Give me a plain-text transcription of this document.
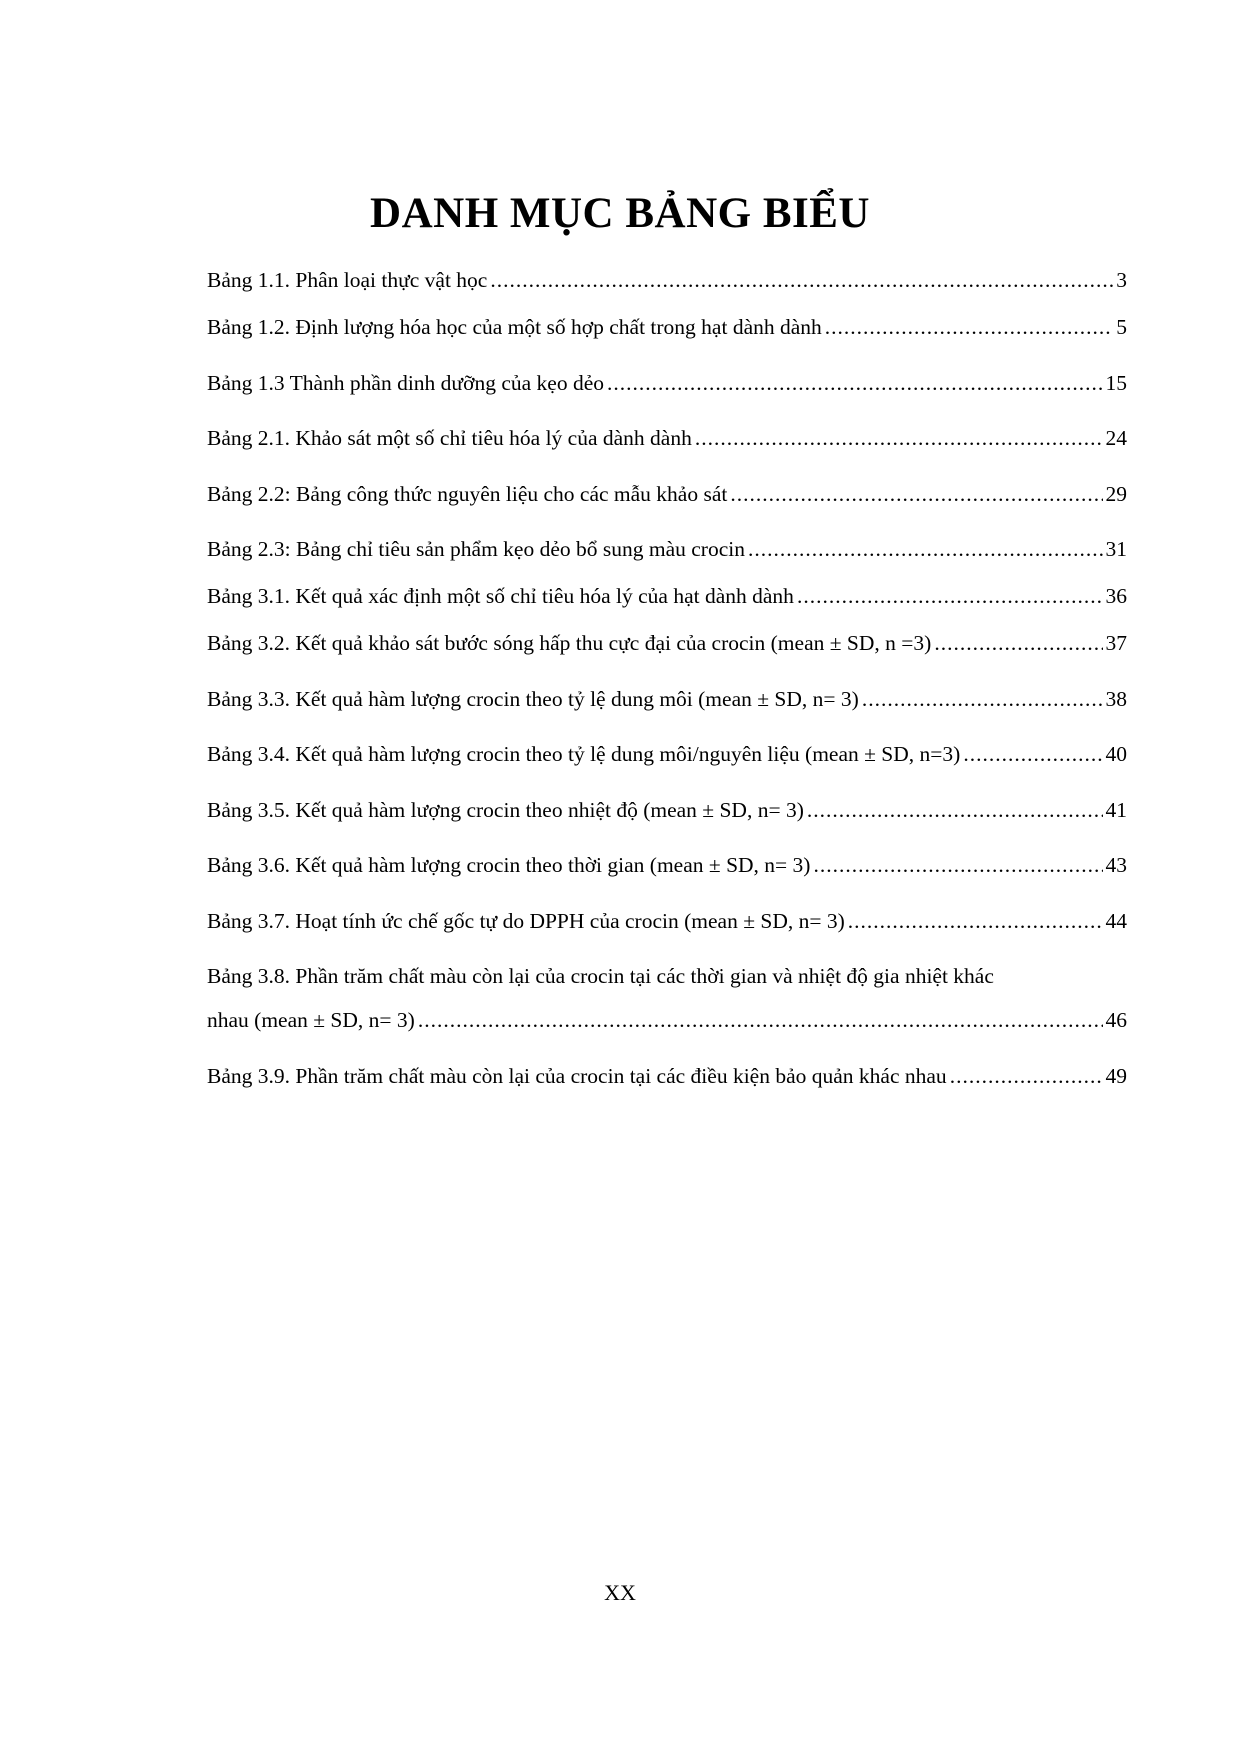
DANH MỤC BẢNG BIỂU
Bảng 1.1. Phân loại thực vật học .....	3
Bảng 1.2. Định lượng hóa học của một số hợp chất trong hạt dành dành .....	5
Bảng 1.3 Thành phần dinh dưỡng của kẹo dẻo .....	15
Bảng 2.1. Khảo sát một số chỉ tiêu hóa lý của dành dành .....	24
Bảng 2.2: Bảng công thức nguyên liệu cho các mẫu khảo sát .....	29
Bảng 2.3: Bảng chỉ tiêu sản phẩm kẹo dẻo bổ sung màu crocin .....	31
Bảng 3.1. Kết quả xác định một số chỉ tiêu hóa lý của hạt dành dành .....	36
Bảng 3.2. Kết quả khảo sát bước sóng hấp thu cực đại của crocin (mean ± SD, n =3) .....	37
Bảng 3.3. Kết quả hàm lượng crocin theo tỷ lệ dung môi (mean ± SD, n= 3) .....	38
Bảng 3.4. Kết quả hàm lượng crocin theo tỷ lệ dung môi/nguyên liệu (mean ± SD, n=3) .....	40
Bảng 3.5. Kết quả hàm lượng crocin theo nhiệt độ (mean ± SD, n= 3) .....	41
Bảng 3.6. Kết quả hàm lượng crocin theo thời gian (mean ± SD, n= 3) .....	43
Bảng 3.7. Hoạt tính ức chế gốc tự do DPPH của crocin (mean ± SD, n= 3) .....	44
Bảng 3.8. Phần trăm chất màu còn lại của crocin tại các thời gian và nhiệt độ gia nhiệt khác
nhau (mean ± SD, n= 3) .....	46
Bảng 3.9. Phần trăm chất màu còn lại của crocin tại các điều kiện bảo quản khác nhau .....	49
XX
